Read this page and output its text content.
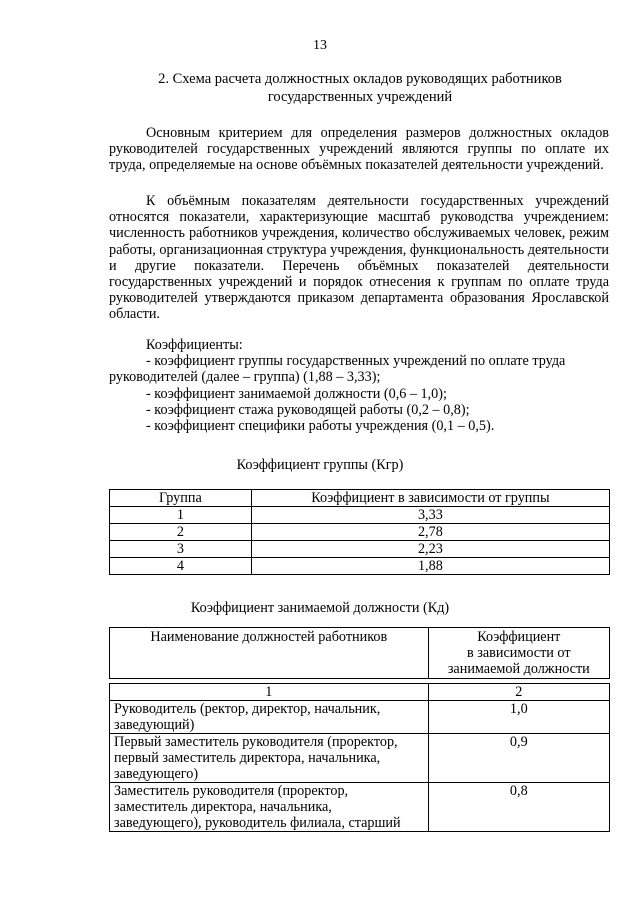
13
2. Схема расчета должностных окладов руководящих работников
государственных учреждений

Основным критерием для определения размеров должностных окладов руководителей государственных учреждений являются группы по оплате их труда, определяемые на основе объёмных показателей деятельности учреждений.

К объёмным показателям деятельности государственных учреждений относятся показатели, характеризующие масштаб руководства учреждением: численность работников учреждения, количество обслуживаемых человек, режим работы, организационная структура учреждения, функциональность деятельности и другие показатели. Перечень объёмных показателей деятельности государственных учреждений и порядок отнесения к группам по оплате труда руководителей утверждаются приказом департамента образования Ярославской области.

Коэффициенты:

- коэффициент группы государственных учреждений по оплате труда руководителей (далее – группа) (1,88 – 3,33);

- коэффициент занимаемой должности (0,6 – 1,0);

- коэффициент стажа руководящей работы (0,2 – 0,8);

- коэффициент специфики работы учреждения (0,1 – 0,5).

Коэффициент группы (Кгр)
Группа	Коэффициент в зависимости от группы
1	3,33
2	2,78
3	2,23
4	1,88
Коэффициент занимаемой должности (Кд)
Наименование должностей работников	Коэффициент
в зависимости от
занимаемой должности

1	2

Руководитель (ректор, директор, начальник,
заведующий)	1,0

Первый заместитель руководителя (проректор,
первый заместитель директора, начальника,
заведующего)	0,9

Заместитель руководителя (проректор,
заместитель директора, начальника,
заведующего), руководитель филиала, старший	0,8
